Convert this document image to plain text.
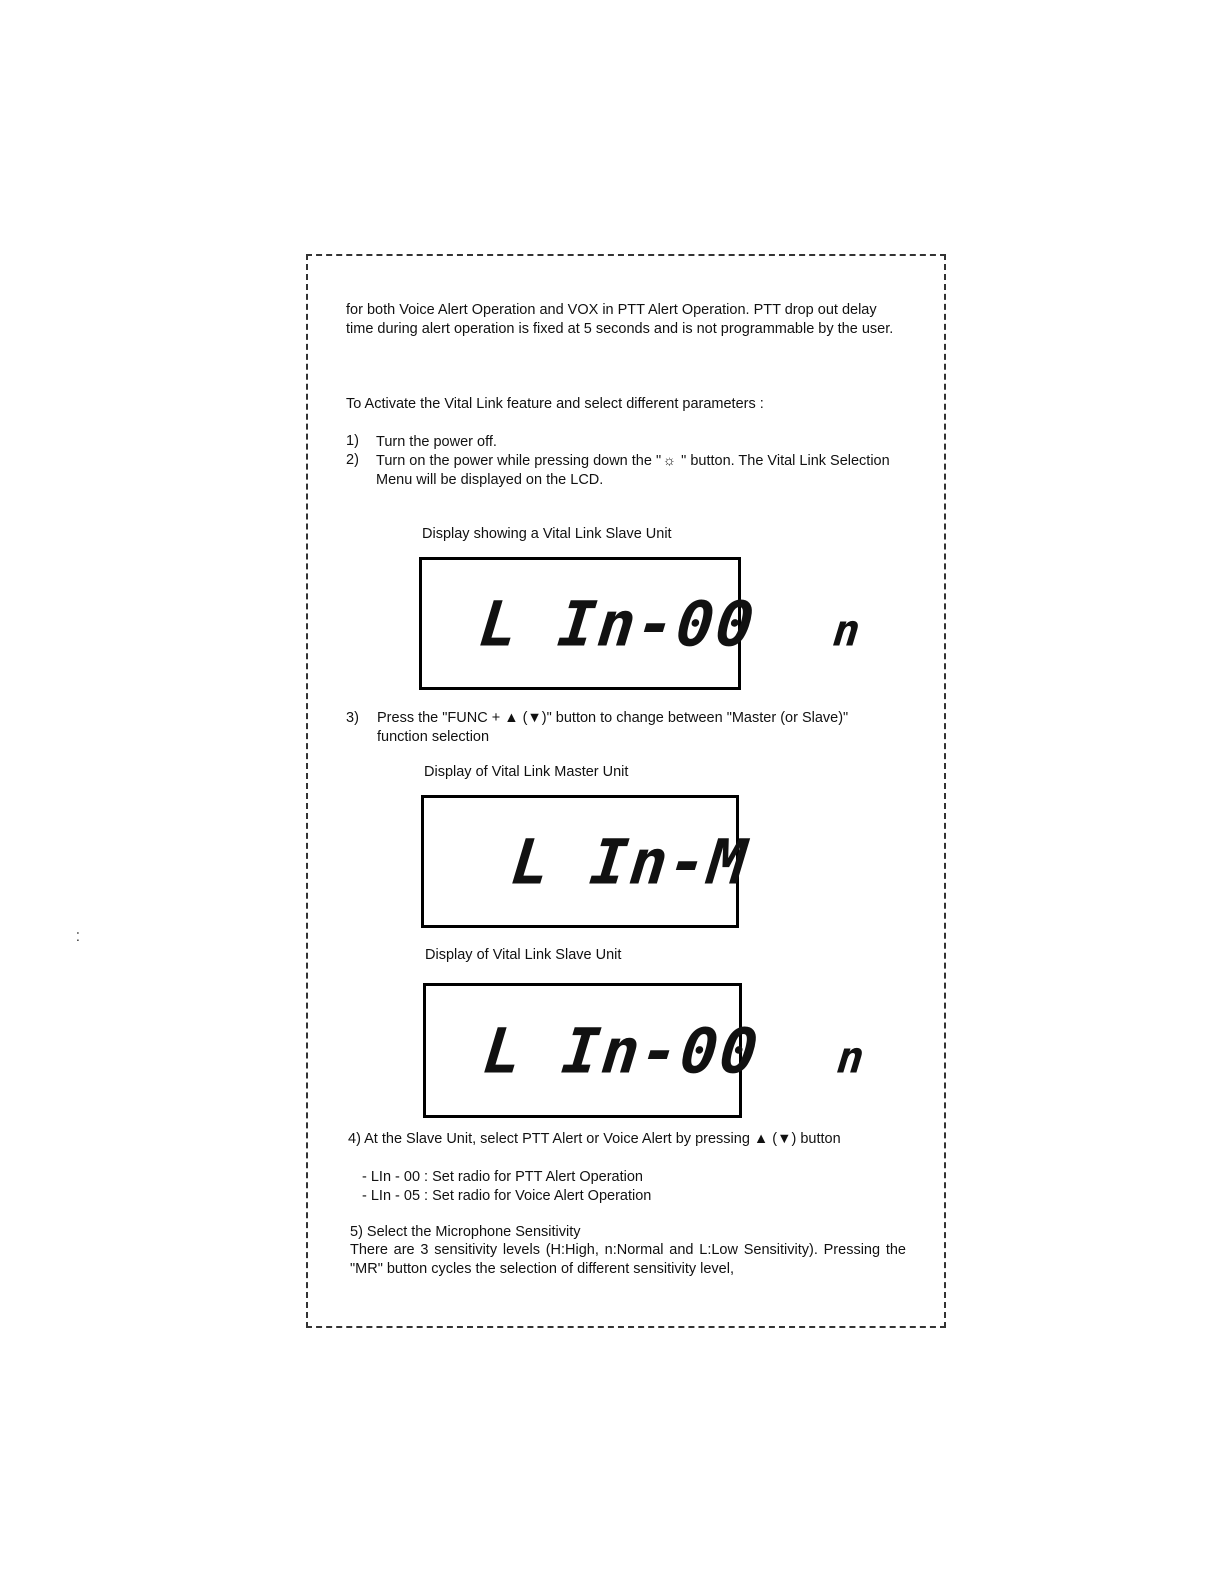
for both Voice Alert Operation and VOX in PTT Alert Operation. PTT drop out delay time during alert operation is fixed at 5 seconds and is not programmable by the user.
To Activate the Vital Link feature and select different parameters :
1) Turn the power off.
2) Turn on the power while pressing down the "☼ " button. The Vital Link Selection Menu will be displayed on the LCD.
Display showing a Vital Link Slave Unit
L In-00 n
3) Press the "FUNC + ▲ (▼)" button to change between "Master (or Slave)" function selection
Display of Vital Link Master Unit
L In-M
Display of Vital Link Slave Unit
L In-00 n
4) At the Slave Unit, select PTT Alert or Voice Alert by pressing ▲ (▼) button
- LIn - 00 : Set radio for PTT Alert Operation
- LIn - 05 : Set radio for Voice Alert Operation
5) Select the Microphone Sensitivity
There are 3 sensitivity levels (H:High, n:Normal and L:Low Sensitivity). Pressing the "MR" button cycles the selection of different sensitivity level,
⁚
